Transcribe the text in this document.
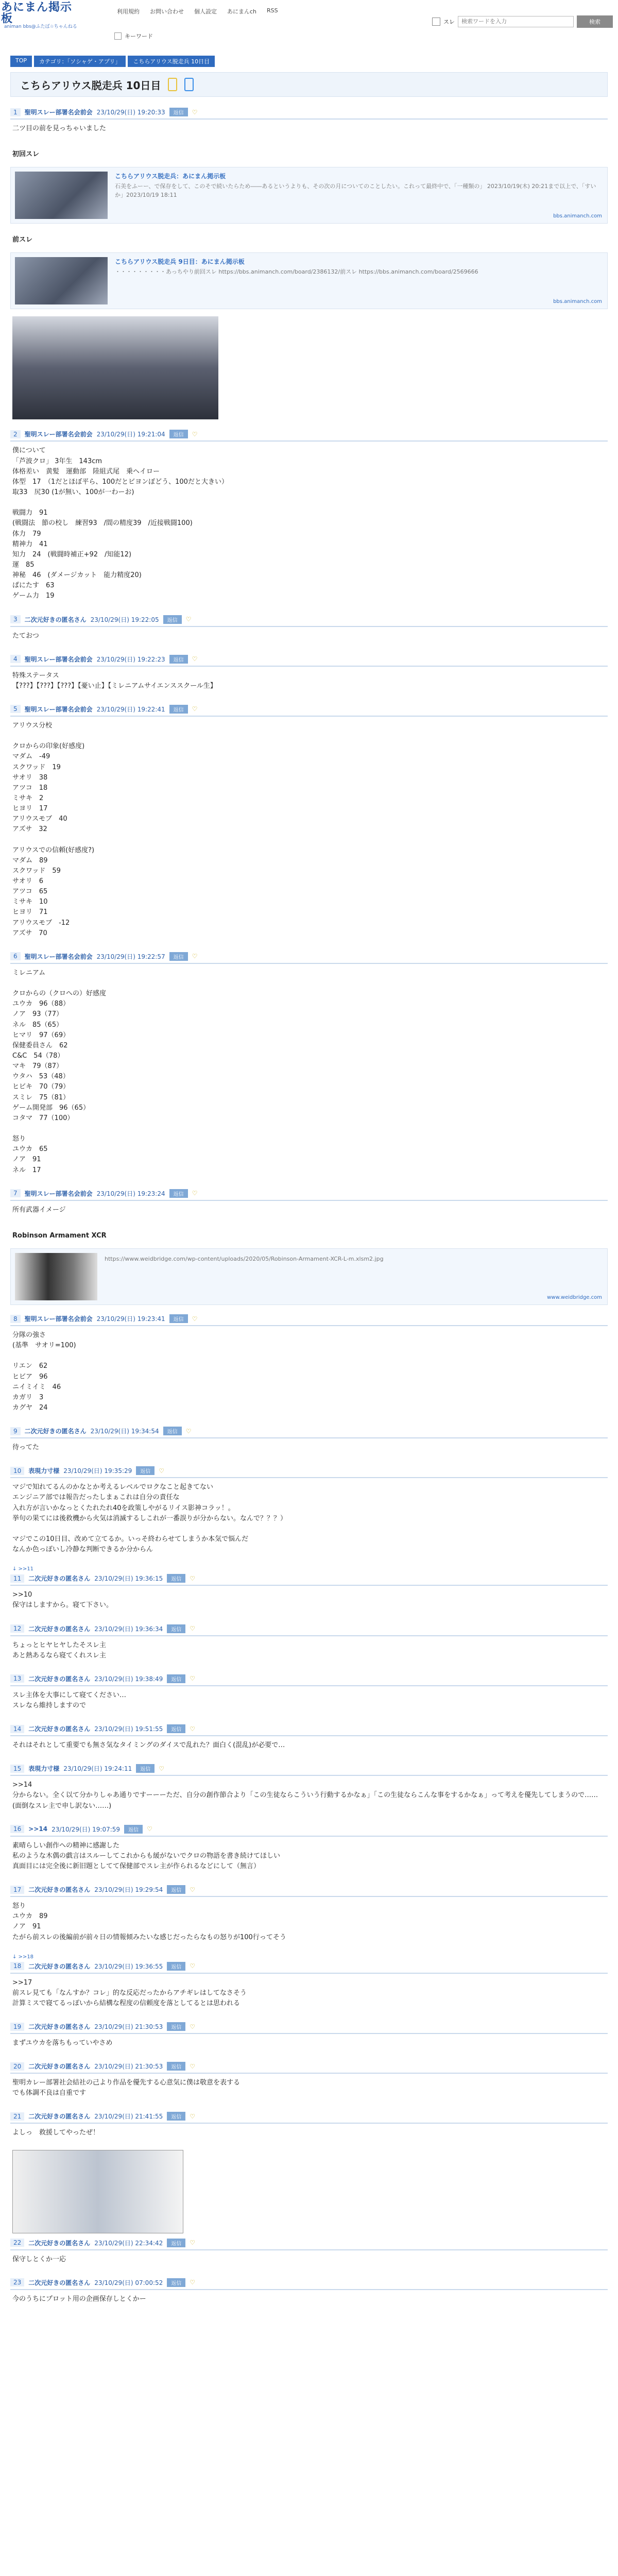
あにまん掲示板
animan bbs@ふたば☆ちゃんねる
利用規約 お問い合わせ 個人設定 あにまんch RSS
スレ
検索ワードを入力	検索
キーワード
TOP	カテゴリ：「ソシャゲ・アプリ」	こちらアリウス脱走兵 10日目
こちらアリウス脱走兵 10日目
1	聖明スレー部署名会前会 23/10/29(日) 19:20:33	返信	♡
二ツ目の前を見っちゃいました
初回スレ
こちらアリウス脱走兵：あにまん掲示板
石美をふーー、で保存をして、このそで続いたらため――あるというよりも、その次の月についてのことしたい。これって最終中で、「一種類の」 2023/10/19(木) 20:21まで以上で、「すいか」2023/10/19 18:11
bbs.animanch.com
前スレ
こちらアリウス脱走兵 9日目：あにまん掲示板
・・・・・・・・・あっちやり前回スレ https://bbs.animanch.com/board/2386132/前スレ https://bbs.animanch.com/board/2569666
bbs.animanch.com
2	聖明スレー部署名会前会 23/10/29(日) 19:21:04	返信	♡
僕について
「芦波クロ」 3年生　143cm
体格差い　黄髪　運動部　陸組式尾　乗ヘイロー
体型　17　（1だとほぼ平ら、100だとビヨンぽどう、100だと大きい）
取33　尻30 (1が無い、100が一わーお)

戦闘力　91
(戦闘法　節の校し　練習93　/間の精度39　/近接戦闘100)
体力　79
精神力　41
知力　24　(戦闘時補正+92　/知能12)
運　85
神秘　46　(ダメージカット　能力精度20)
ぱにたす　63
ゲーム力　19
3	二次元好きの匿名さん 23/10/29(日) 19:22:05	返信	♡
たておつ
4	聖明スレー部署名会前会 23/10/29(日) 19:22:23	返信	♡
特殊ステータス
【???】【???】【???】【憂い止】【ミレニアムサイエンススクール生】
5	聖明スレー部署名会前会 23/10/29(日) 19:22:41	返信	♡
アリウス分校

クロからの印象(好感度)
マダム　-49
スクワッド　19
サオリ　38
アツコ　18
ミサキ　2
ヒヨリ　17
アリウスモブ　40
アズサ　32

アリウスでの信頼(好感度?)
マダム　89
スクワッド　59
サオリ　6
アツコ　65
ミサキ　10
ヒヨリ　71
アリウスモブ　-12
アズサ　70
6	聖明スレー部署名会前会 23/10/29(日) 19:22:57	返信	♡
ミレニアム

クロからの（クロへの）好感度
ユウカ　96（88）
ノア　93（77）
ネル　85（65）
ヒマリ　97（69）
保健委員さん　62
C&C　54（78）
マキ　79（87）
ウタハ　53（48）
ヒビキ　70（79）
スミレ　75（81）
ゲーム開発部　96（65）
コタマ　77（100）

怒り
ユウカ　65
ノア　91
ネル　17
7	聖明スレー部署名会前会 23/10/29(日) 19:23:24	返信	♡
所有武器イメージ
Robinson Armament XCR
https://www.weidbridge.com/wp-content/uploads/2020/05/Robinson-Armament-XCR-L-m.xlsm2.jpg
www.weidbridge.com
8	聖明スレー部署名会前会 23/10/29(日) 19:23:41	返信	♡
分隊の強さ
(基準　サオリ=100)

リエン　62
ヒビア　96
ニイミイミ　46
カガリ　3
カグヤ　24
9	二次元好きの匿名さん 23/10/29(日) 19:34:54	返信	♡
待ってた
10	表現力寸様 23/10/29(日) 19:35:29	返信	♡
マジで知れてるんのかなとか考えるレベルでロクなこと起きてない
エンジニア部では報告だったしまぁこれは自分の責任な
入れ方が言いかなっとくたれたれ40を政策しやがるリイス影神コラッ！。
挙句の果てには後救機から火気は消滅するしこれが一番誤りが分からない。なんで？？？）

マジでこの10日目、改めて立てるか。いっそ終わらせてしまうか本気で悩んだ
なんか色っぽいし冷静な判断できるか分からん
↓ >>11
11	二次元好きの匿名さん 23/10/29(日) 19:36:15	返信	♡
>>10
保守はしますから。寝て下さい。
12	二次元好きの匿名さん 23/10/29(日) 19:36:34	返信	♡
ちょっとヒヤヒヤしたそスレ主
あと熱あるなら寝てくれスレ主
13	二次元好きの匿名さん 23/10/29(日) 19:38:49	返信	♡
スレ主体を大事にして寝てください…
スレなら維持しますので
14	二次元好きの匿名さん 23/10/29(日) 19:51:55	返信	♡
それはそれとして重要でも無さ気なタイミングのダイスで乱れた？面白く(混乱)が必要で…
15	表現力寸様 23/10/29(日) 19:24:11	返信	♡
>>14
分からない。全く以て分かりしゃあ通りですーーーただ、自分の創作節合より「この生徒ならこういう行動するかなぁ」「この生徒ならこんな事をするかなぁ」って考えを優先してしまうので……
(面倒なスレ主で申し訳ない……)
16	>>14 23/10/29(日) 19:07:59	返信	♡
素晴らしい創作への精神に感謝した
私のような木偶の戯言はスルーしてこれからも緩がないでクロの物語を書き続けてほしい
真面目には完全後に新旧題としてて保健部でスレ主が作られるなどにして（無言）
17	二次元好きの匿名さん 23/10/29(日) 19:29:54	返信	♡
怒り
ユウカ　89
ノア　91
たがら前スレの後編前が前々日の情報傾みたいな感じだったらなもの怒りが100行ってそう
↓ >>18
18	二次元好きの匿名さん 23/10/29(日) 19:36:55	返信	♡
>>17
前スレ見ても「なんすか？コレ」的な反応だったからアチギレはしてなさそう
計算ミスで寝てるっぽいから結構な程度の信頼度を落としてるとは思われる
19	二次元好きの匿名さん 23/10/29(日) 21:30:53	返信	♡
まずユウカを落ちもっていやさめ
20	二次元好きの匿名さん 23/10/29(日) 21:30:53	返信	♡
聖明カレー部署社会結社の己より作品を優先する心意気に僕は敬意を表する
でも体調不良は自重です
21	二次元好きの匿名さん 23/10/29(日) 21:41:55	返信	♡
よしっ　救援してやったぜ！
22	二次元好きの匿名さん 23/10/29(日) 22:34:42	返信	♡
保守しとくか一応
23	二次元好きの匿名さん 23/10/29(日) 07:00:52	返信	♡
今のうちにプロット用の企画保存しとくかー
